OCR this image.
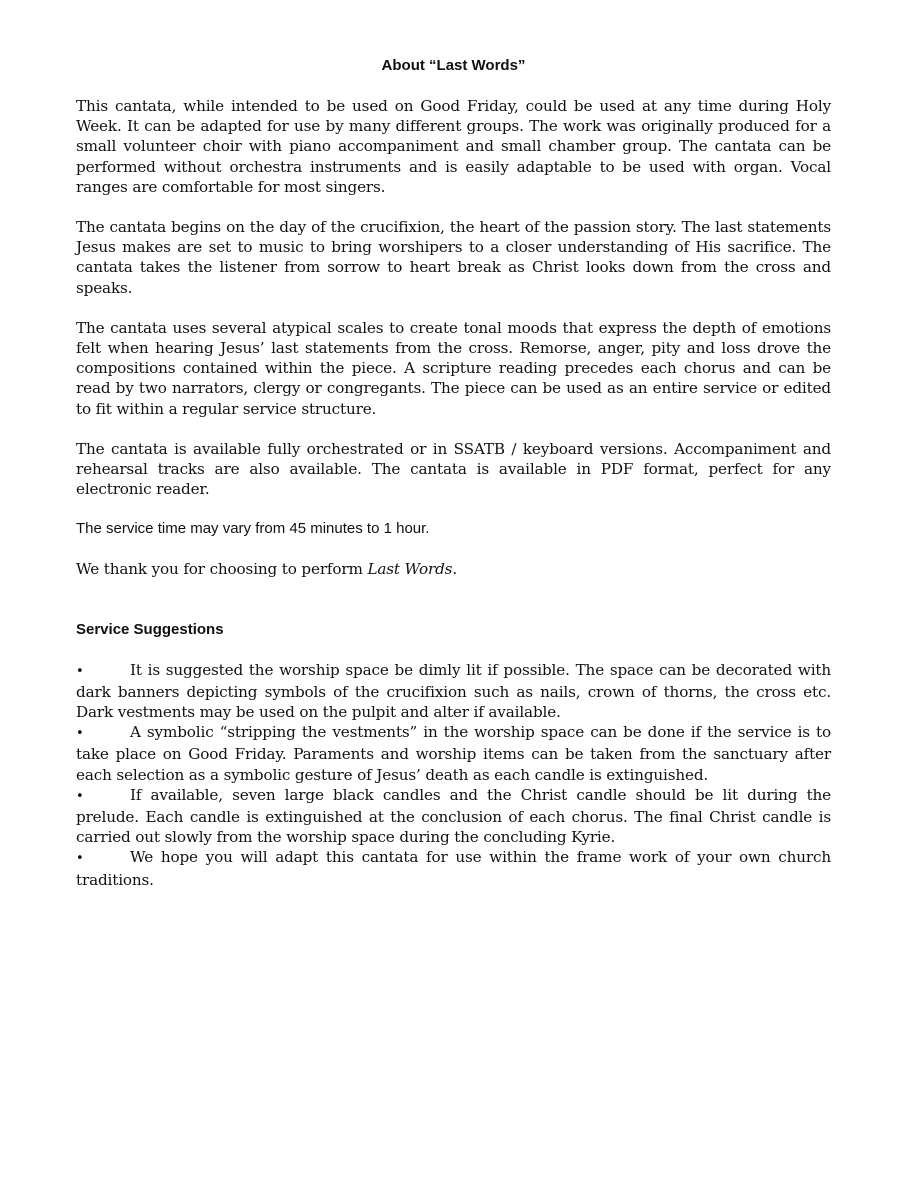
About “Last Words”

This cantata, while intended to be used on Good Friday, could be used at any time during Holy Week. It can be adapted for use by many different groups. The work was originally produced for a small volunteer choir with piano accompaniment and small chamber group. The cantata can be performed without orchestra instruments and is easily adaptable to be used with organ. Vocal ranges are comfortable for most singers.

The cantata begins on the day of the crucifixion, the heart of the passion story. The last statements Jesus makes are set to music to bring worshipers to a closer understanding of His sacrifice. The cantata takes the listener from sorrow to heart break as Christ looks down from the cross and speaks.

The cantata uses several atypical scales to create tonal moods that express the depth of emotions felt when hearing Jesus’ last statements from the cross. Remorse, anger, pity and loss drove the compositions contained within the piece. A scripture reading precedes each chorus and can be read by two narrators, clergy or congregants. The piece can be used as an entire service or edited to fit within a regular service structure.

The cantata is available fully orchestrated or in SSATB / keyboard versions. Accompaniment and rehearsal tracks are also available. The cantata is available in PDF format, perfect for any electronic reader.

The service time may vary from 45 minutes to 1 hour.

We thank you for choosing to perform Last Words.

Service Suggestions
•	It is suggested the worship space be dimly lit if possible. The space can be decorated with dark banners depicting symbols of the crucifixion such as nails, crown of thorns, the cross etc. Dark vestments may be used on the pulpit and alter if available.
•	A symbolic “stripping the vestments” in the worship space can be done if the service is to take place on Good Friday. Paraments and worship items can be taken from the sanctuary after each selection as a symbolic gesture of Jesus’ death as each candle is extinguished.
•	If available, seven large black candles and the Christ candle should be lit during the prelude. Each candle is extinguished at the conclusion of each chorus. The final Christ candle is carried out slowly from the worship space during the concluding Kyrie.
•	We hope you will adapt this cantata for use within the frame work of your own church traditions.
